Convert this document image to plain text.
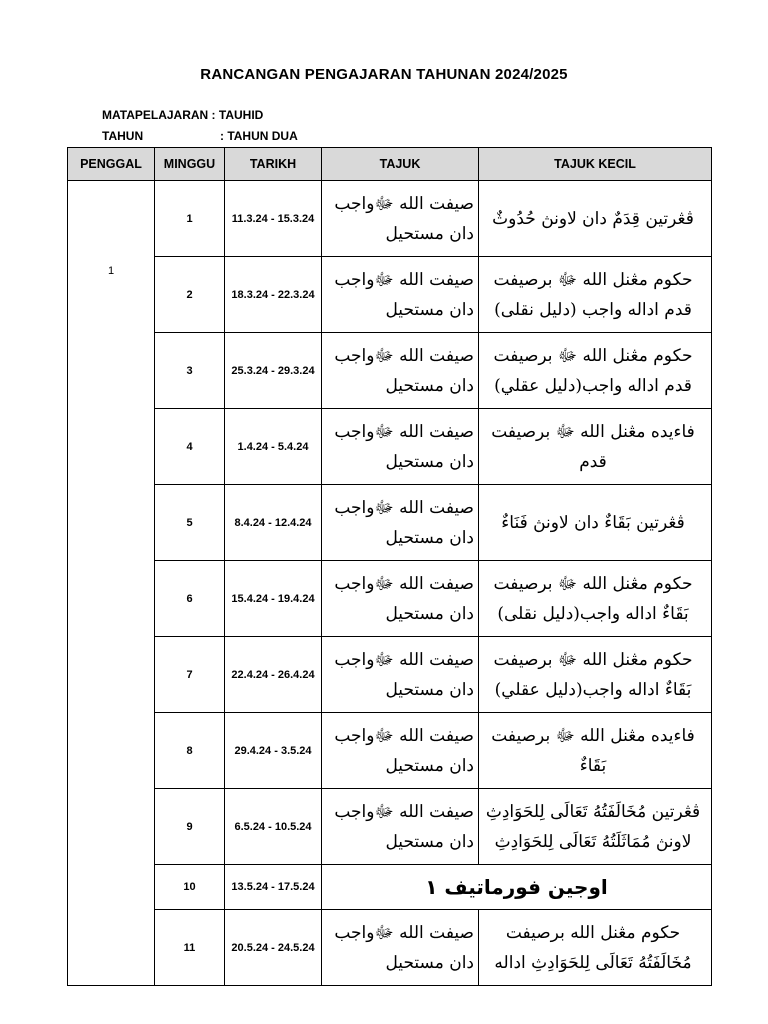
RANCANGAN PENGAJARAN TAHUNAN 2024/2025
MATAPELAJARAN : TAUHID
TAHUN	: TAHUN DUA
PENGGAL	MINGGU	TARIKH	TAJUK	TAJUK KECIL
1	1	11.3.24 - 15.3.24	صيفت الله ﷻواجب دان مستحيل	ڤڠرتين قِدَمٌ دان لاونڽ حُدُوثٌ
	2	18.3.24 - 22.3.24	صيفت الله ﷻواجب دان مستحيل	حکوم مڠنل الله ﷻ برصيفت قدم اداله واجب (دليل نقلى)
	3	25.3.24 - 29.3.24	صيفت الله ﷻواجب دان مستحيل	حکوم مڠنل الله ﷻ برصيفت قدم اداله واجب(دليل عقلي)
	4	1.4.24 - 5.4.24	صيفت الله ﷻواجب دان مستحيل	فاءيده مڠنل الله ﷻ برصيفت قدم
	5	8.4.24 - 12.4.24	صيفت الله ﷻواجب دان مستحيل	ڤڠرتين بَقَاءٌ دان لاونڽ فَنَاءٌ
	6	15.4.24 - 19.4.24	صيفت الله ﷻواجب دان مستحيل	حکوم مڠنل الله ﷻ برصيفت بَقَاءٌ اداله واجب(دليل نقلى)
	7	22.4.24 - 26.4.24	صيفت الله ﷻواجب دان مستحيل	حکوم مڠنل الله ﷻ برصيفت بَقَاءٌ اداله واجب(دليل عقلي)
	8	29.4.24 - 3.5.24	صيفت الله ﷻواجب دان مستحيل	فاءيده مڠنل الله ﷻ برصيفت بَقَاءٌ
	9	6.5.24 - 10.5.24	صيفت الله ﷻواجب دان مستحيل	ڤڠرتين مُخَالَفَتُهُ تَعَالَى لِلحَوَادِثِ لاونڽ مُمَاثَلَتُهُ تَعَالَى لِلحَوَادِثِ
	10	13.5.24 - 17.5.24	اوجين فورماتيف ١	
	11	20.5.24 - 24.5.24	صيفت الله ﷻواجب دان مستحيل	حکوم مڠنل الله برصيفت مُخَالَفَتُهُ تَعَالَى لِلحَوَادِثِ اداله
